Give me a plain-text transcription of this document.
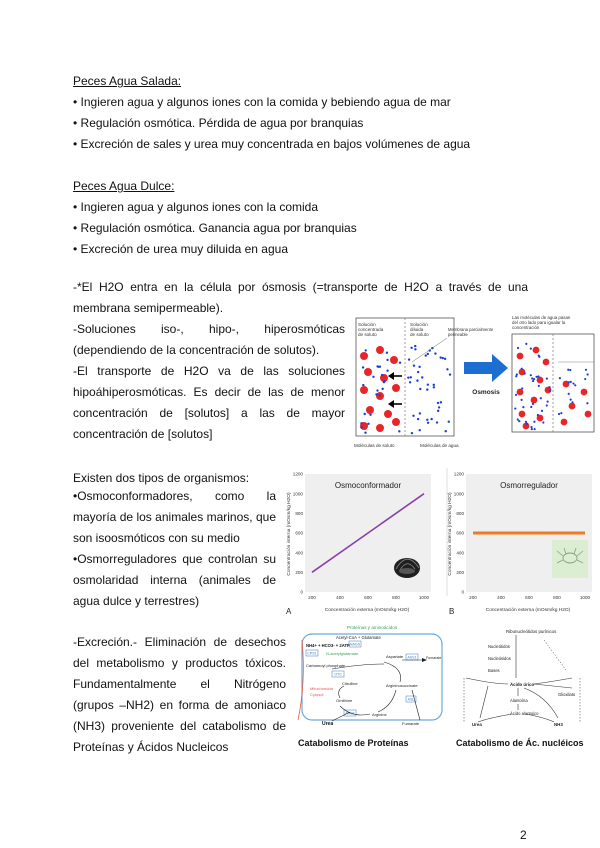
Peces Agua Salada:
• Ingieren agua y algunos iones con la comida y bebiendo agua de mar
• Regulación osmótica. Pérdida de agua por branquias
• Excreción de sales y urea muy concentrada en bajos volúmenes de agua
Peces Agua Dulce:
• Ingieren agua y algunos iones con la comida
• Regulación osmótica. Ganancia agua por branquias
• Excreción de urea muy diluida en agua
-*El H2O entra en la célula por ósmosis (=transporte de H2O a través de una
membrana semipermeable).
-Soluciones iso-, hipo-, hiperosmóticas
(dependiendo de la concentración de solutos).
-El transporte de H2O va de las soluciones
hipoáhiperosmóticas. Es decir de las de menor
concentración de [solutos] a las de mayor
concentración de [solutos]
Solución
concentrada
de soluto
Solución
diluida
de soluto
Membrana parcialmente
permeable
Moléculas de soluto	Moléculas de agua
Osmosis
Las moléculas de agua pasan
del otro lado para igualar la
concentración
Existen dos tipos de organismos:
•Osmoconformadores, como la
mayoría de los animales marinos, que
son isoosmóticos con su medio
•Osmorreguladores que controlan su
osmolaridad interna (animales de
agua dulce y terrestres)	200	400	600	800	1000
0
200
400
600
800
1000
1200
Osmoconformador
Concentración externa (mOsm/kg H2O)
Concentración interna (mOsm/kg H2O)
A
200	400	600	800	1000
0
200
400
600
800
1000
1200
Osmorregulador
Concentración externa (mOsm/kg H2O)
Concentración interna (mOsm/kg H2O)
B
-Excreción.- Eliminación de desechos
del metabolismo y productos tóxicos.
Fundamentalmente el Nitrógeno
(grupos –NH2) en forma de amoniaco
(NH3) proveniente del catabolismo de
Proteínas y Ácidos Nucleicos
Proteínas y aminoácidos
Acetyl-CoA + Glutamate
NAGS
NH4+ + HCO3- + 2ATP
CPS1 N-acetylglutamate
Carbamoyl phosphate
OTC
Aspartate ASS1
Citrulline	Argininosuccinate
ASL
Mitochondria
Cytosol
Ornithine
ARG1	Arginine
Urea	Fumarate
Fumarate
Catabolismo de Proteínas
Ribonucleótidos purínicos
Nucleótidos
Nucleósidos
Bases
Ácido úrico
Alantoína
Ácido alantoico
Urea	NH3
Glioxilato
Catabolismo de Ác. nucléicos
2
